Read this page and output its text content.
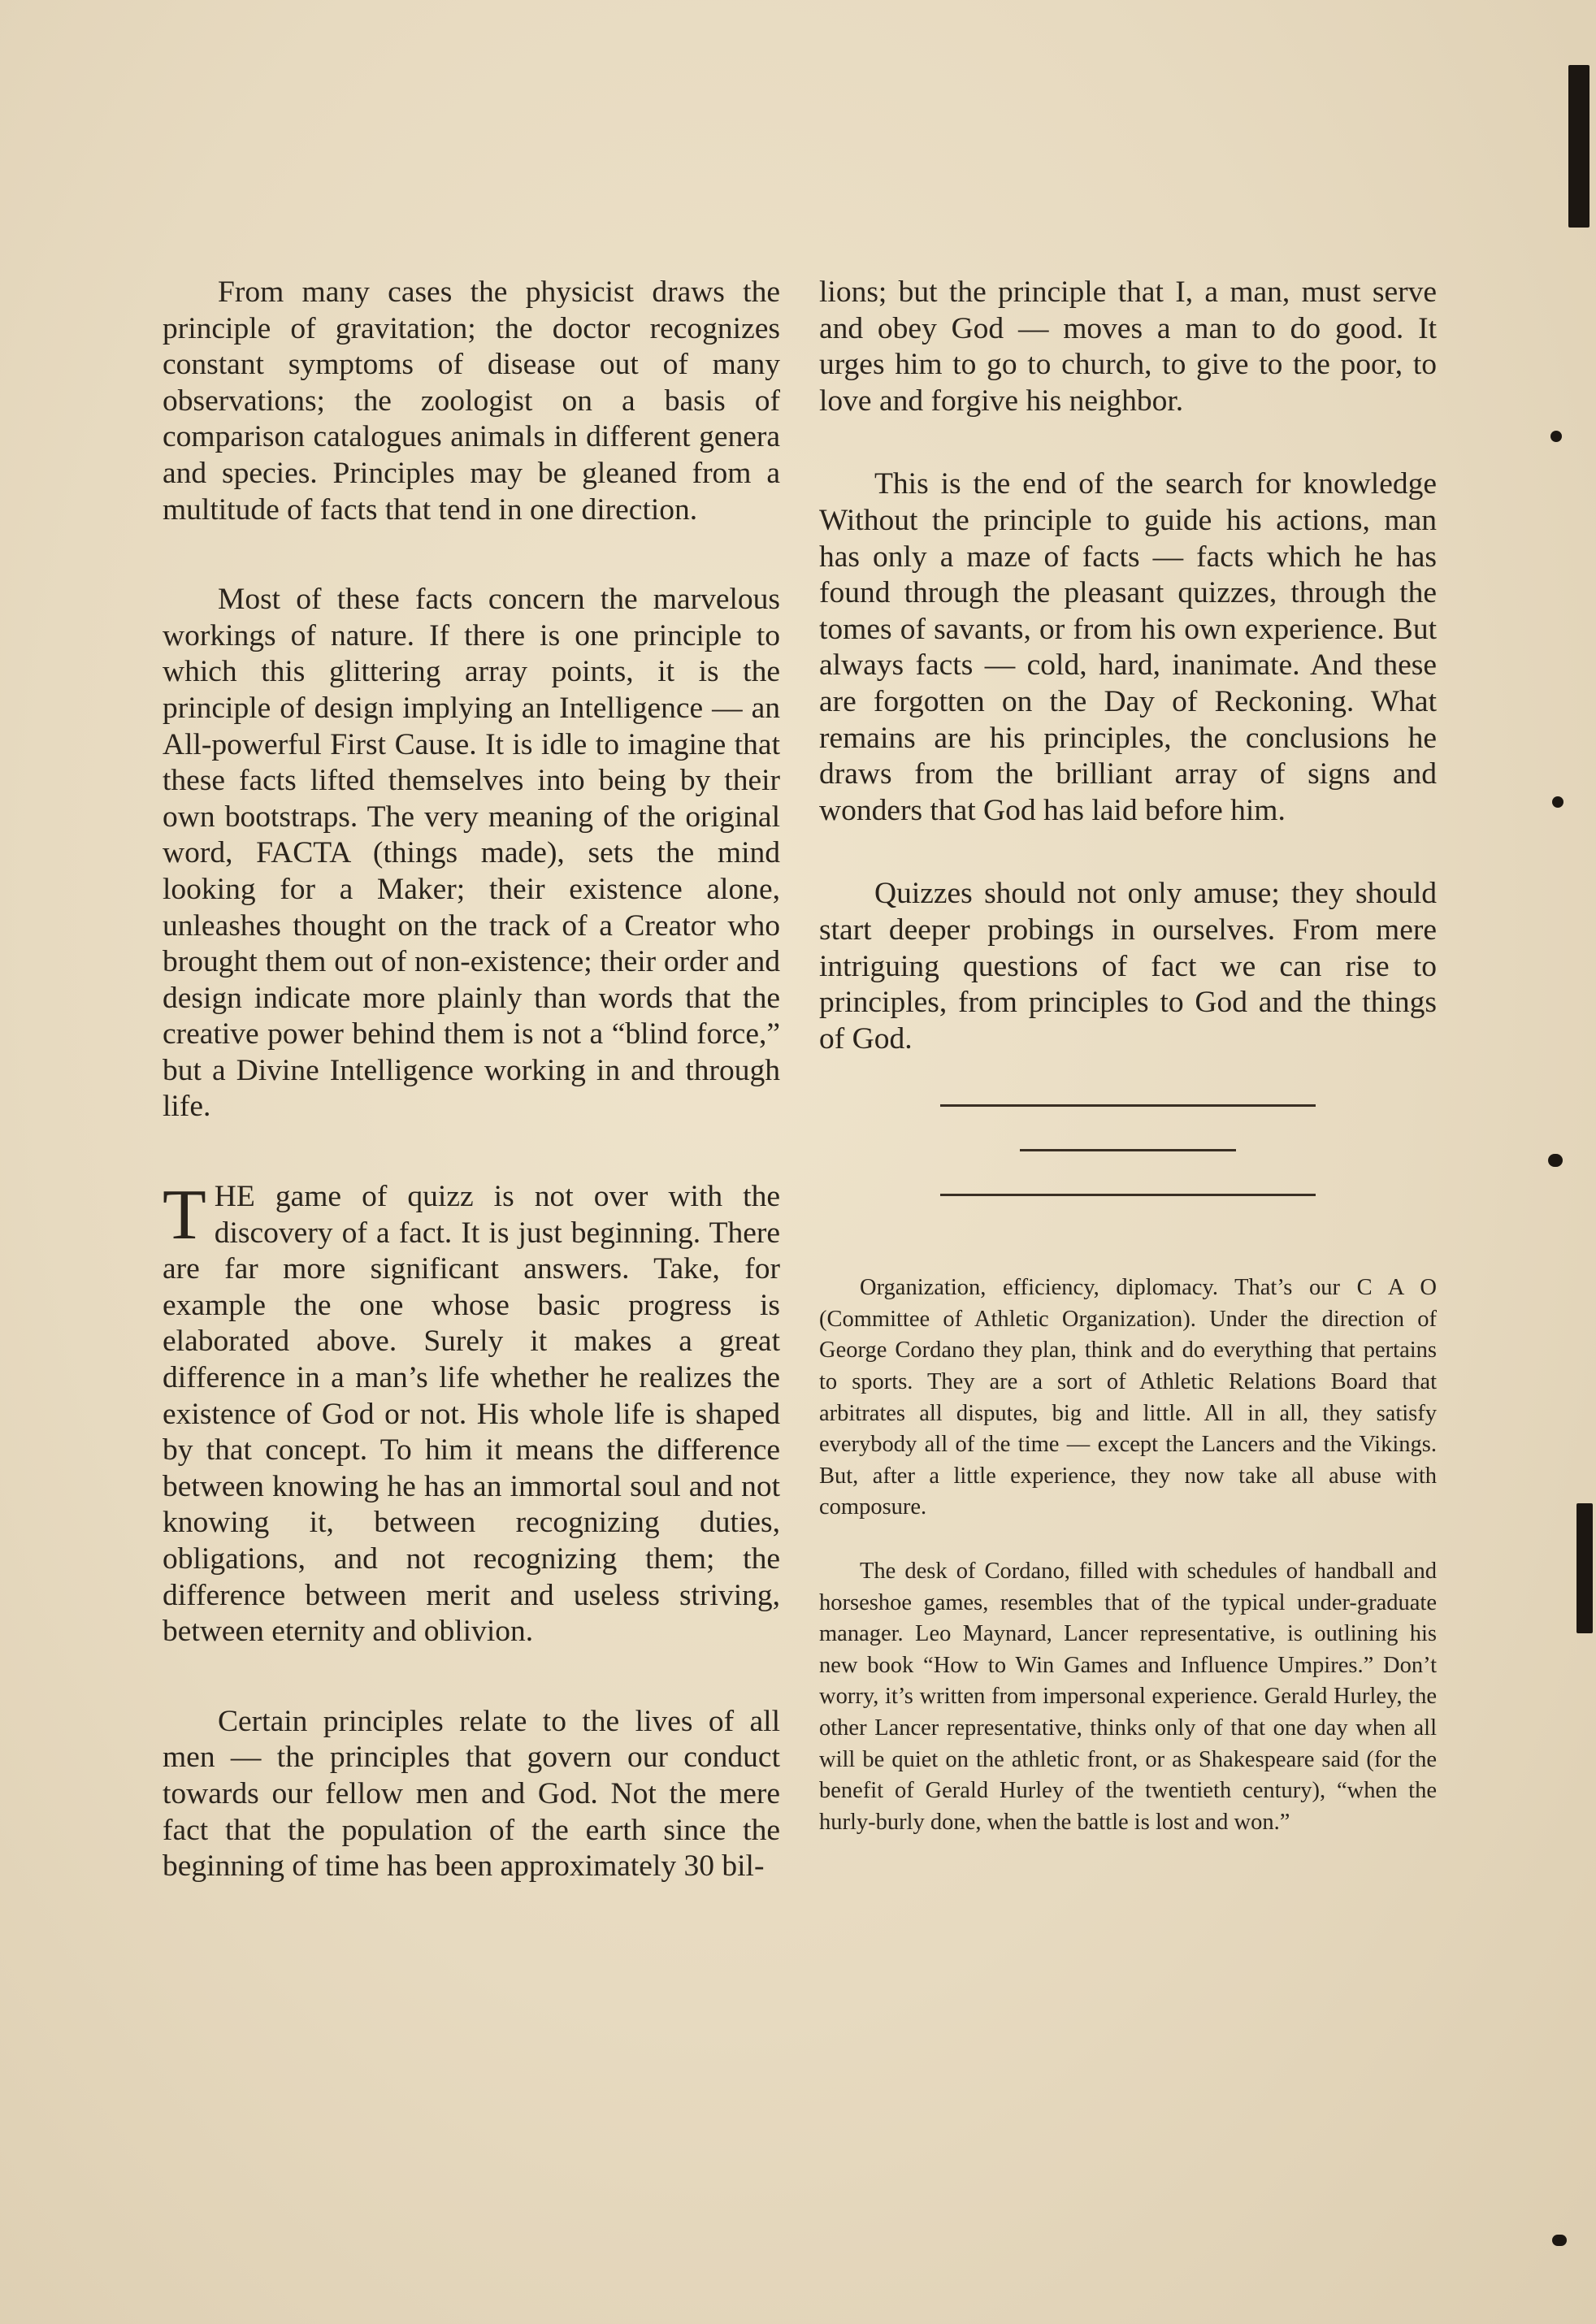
From many cases the physicist draws the principle of gravitation; the doctor recognizes constant symptoms of disease out of many observations; the zoologist on a basis of comparison catalogues animals in different genera and species. Principles may be gleaned from a multitude of facts that tend in one direction.

Most of these facts concern the marvelous workings of nature. If there is one principle to which this glittering array points, it is the principle of design implying an Intelligence — an All-powerful First Cause. It is idle to imagine that these facts lifted themselves into being by their own bootstraps. The very meaning of the original word, FACTA (things made), sets the mind looking for a Maker; their existence alone, unleashes thought on the track of a Creator who brought them out of non-existence; their order and design indicate more plainly than words that the creative power behind them is not a “blind force,” but a Divine Intelligence working in and through life.

THE game of quizz is not over with the discovery of a fact. It is just beginning. There are far more significant answers. Take, for example the one whose basic progress is elaborated above. Surely it makes a great difference in a man’s life whether he realizes the existence of God or not. His whole life is shaped by that concept. To him it means the difference between knowing he has an immortal soul and not knowing it, between recognizing duties, obligations, and not recognizing them; the difference between merit and useless striving, between eternity and oblivion.

Certain principles relate to the lives of all men — the principles that govern our conduct towards our fellow men and God. Not the mere fact that the population of the earth since the beginning of time has been approximately 30 bil-

lions; but the principle that I, a man, must serve and obey God — moves a man to do good. It urges him to go to church, to give to the poor, to love and forgive his neighbor.

This is the end of the search for knowledge Without the principle to guide his actions, man has only a maze of facts — facts which he has found through the pleasant quizzes, through the tomes of savants, or from his own experience. But always facts — cold, hard, inanimate. And these are forgotten on the Day of Reckoning. What remains are his principles, the conclusions he draws from the brilliant array of signs and wonders that God has laid before him.

Quizzes should not only amuse; they should start deeper probings in ourselves. From mere intriguing questions of fact we can rise to principles, from principles to God and the things of God.

Organization, efficiency, diplomacy. That’s our C A O (Committee of Athletic Organization). Under the direction of George Cordano they plan, think and do everything that pertains to sports. They are a sort of Athletic Relations Board that arbitrates all disputes, big and little. All in all, they satisfy everybody all of the time — except the Lancers and the Vikings. But, after a little experience, they now take all abuse with composure.

The desk of Cordano, filled with schedules of handball and horseshoe games, resembles that of the typical under-graduate manager. Leo Maynard, Lancer representative, is outlining his new book “How to Win Games and Influence Umpires.” Don’t worry, it’s written from impersonal experience. Gerald Hurley, the other Lancer representative, thinks only of that one day when all will be quiet on the athletic front, or as Shakespeare said (for the benefit of Gerald Hurley of the twentieth century), “when the hurly-burly done, when the battle is lost and won.”
